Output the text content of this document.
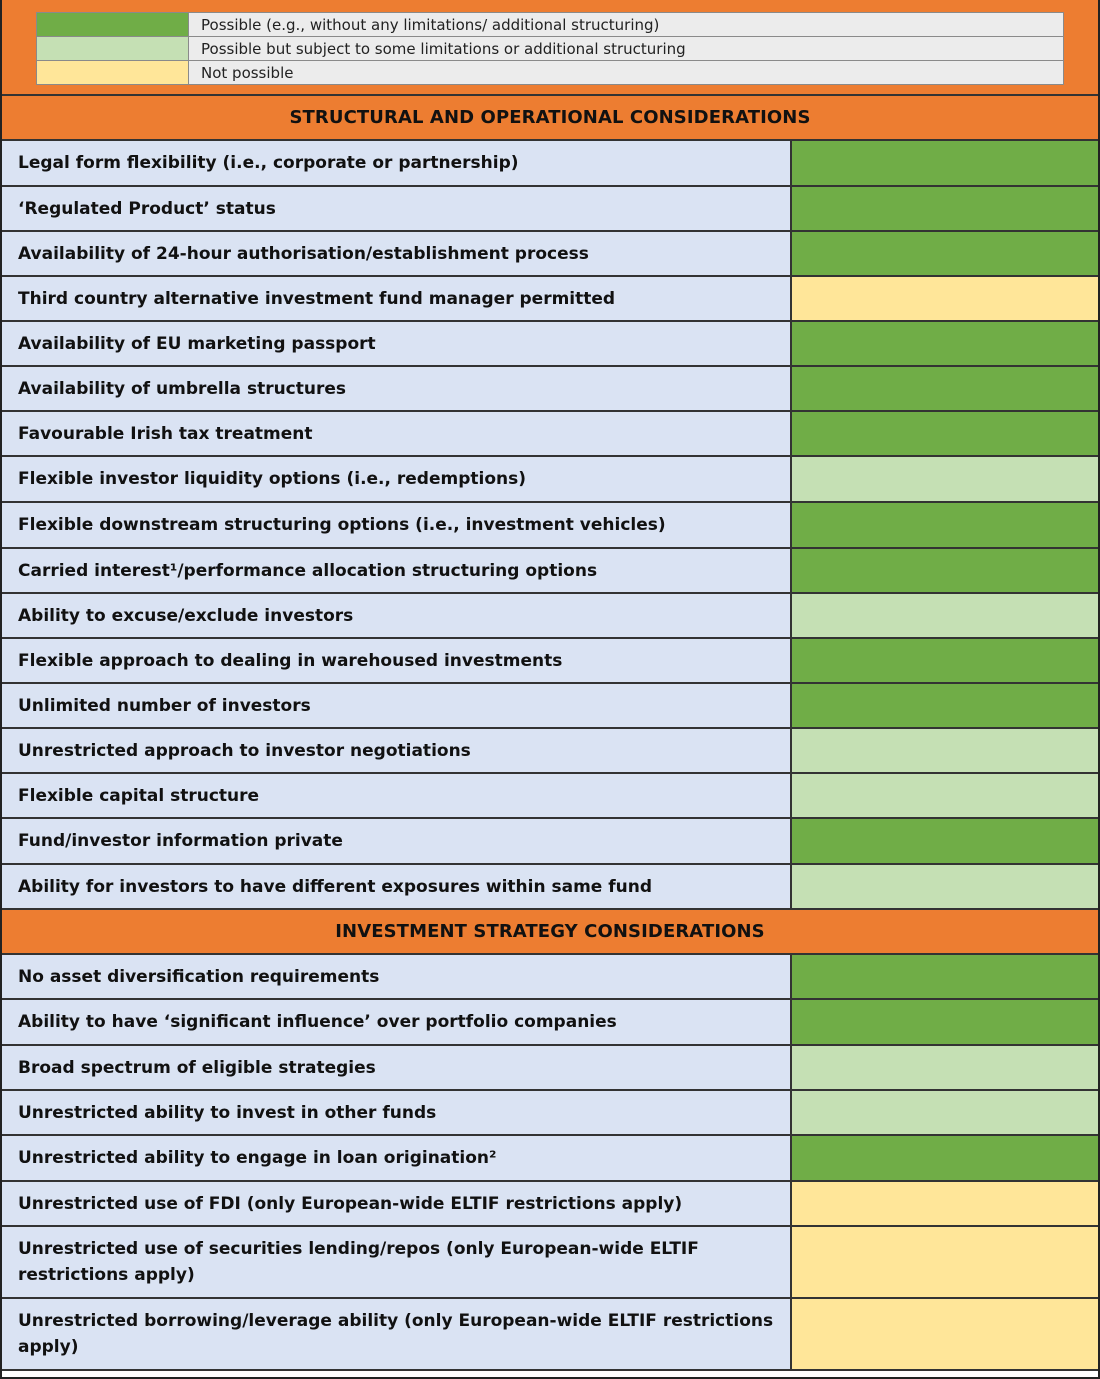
	Possible (e.g., without any limitations/ additional structuring)
	Possible but subject to some limitations or additional structuring
	Not possible
STRUCTURAL AND OPERATIONAL CONSIDERATIONS
Legal form flexibility (i.e., corporate or partnership)
‘Regulated Product’ status
Availability of 24-hour authorisation/establishment process
Third country alternative investment fund manager permitted
Availability of EU marketing passport
Availability of umbrella structures
Favourable Irish tax treatment
Flexible investor liquidity options (i.e., redemptions)
Flexible downstream structuring options (i.e., investment vehicles)
Carried interest¹/performance allocation structuring options
Ability to excuse/exclude investors
Flexible approach to dealing in warehoused investments
Unlimited number of investors
Unrestricted approach to investor negotiations
Flexible capital structure
Fund/investor information private
Ability for investors to have different exposures within same fund
INVESTMENT STRATEGY CONSIDERATIONS
No asset diversification requirements
Ability to have ‘significant influence’ over portfolio companies
Broad spectrum of eligible strategies
Unrestricted ability to invest in other funds
Unrestricted ability to engage in loan origination²
Unrestricted use of FDI (only European-wide ELTIF restrictions apply)
Unrestricted use of securities lending/repos (only European-wide ELTIF restrictions apply)
Unrestricted borrowing/leverage ability (only European-wide ELTIF restrictions apply)
